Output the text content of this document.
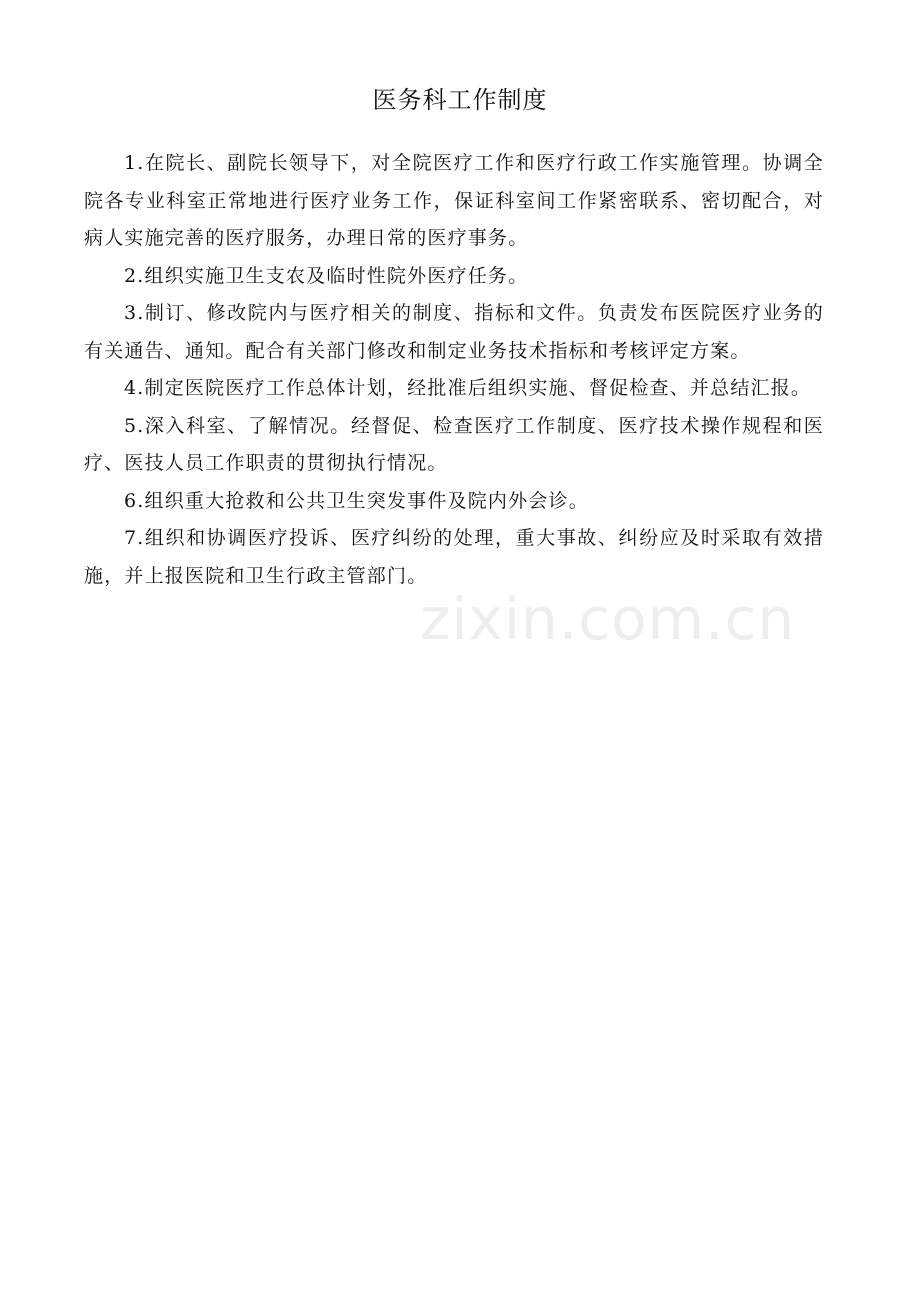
医务科工作制度

1.在院长、副院长领导下，对全院医疗工作和医疗行政工作实施管理。协调全院各专业科室正常地进行医疗业务工作，保证科室间工作紧密联系、密切配合，对病人实施完善的医疗服务，办理日常的医疗事务。

2.组织实施卫生支农及临时性院外医疗任务。

3.制订、修改院内与医疗相关的制度、指标和文件。负责发布医院医疗业务的有关通告、通知。配合有关部门修改和制定业务技术指标和考核评定方案。

4.制定医院医疗工作总体计划，经批准后组织实施、督促检查、并总结汇报。

5.深入科室、了解情况。经督促、检查医疗工作制度、医疗技术操作规程和医疗、医技人员工作职责的贯彻执行情况。

6.组织重大抢救和公共卫生突发事件及院内外会诊。

7.组织和协调医疗投诉、医疗纠纷的处理，重大事故、纠纷应及时采取有效措施，并上报医院和卫生行政主管部门。

zixin.com.cn
